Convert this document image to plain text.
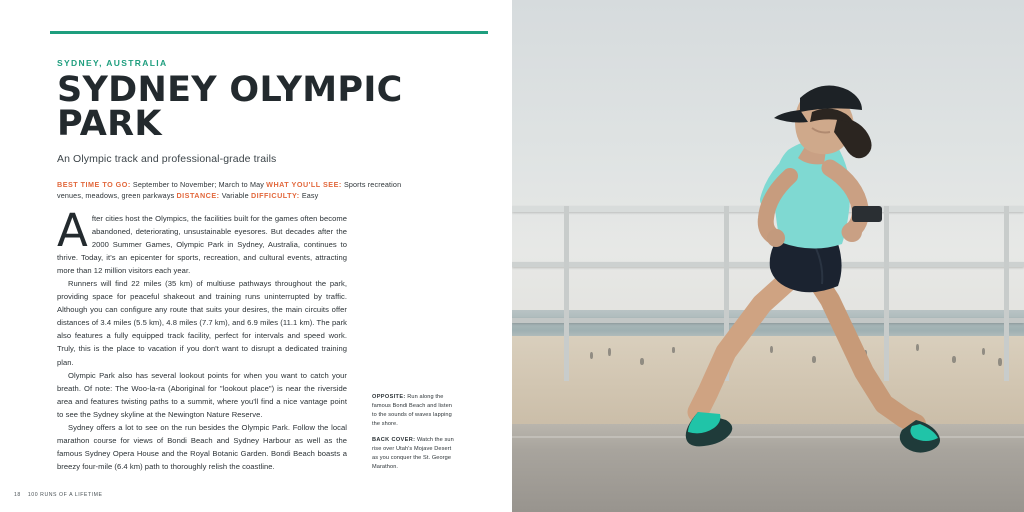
SYDNEY, AUSTRALIA
SYDNEY OLYMPIC PARK

An Olympic track and professional-grade trails

BEST TIME TO GO: September to November; March to May WHAT YOU'LL SEE: Sports recreation venues, meadows, green parkways DISTANCE: Variable DIFFICULTY: Easy

After cities host the Olympics, the facilities built for the games often become abandoned, deteriorating, unsustainable eyesores. But decades after the 2000 Summer Games, Olympic Park in Sydney, Australia, continues to thrive. Today, it's an epicenter for sports, recreation, and cultural events, attracting more than 12 million visitors each year.

Runners will find 22 miles (35 km) of multiuse pathways throughout the park, providing space for peaceful shakeout and training runs uninterrupted by traffic. Although you can configure any route that suits your desires, the main circuits offer distances of 3.4 miles (5.5 km), 4.8 miles (7.7 km), and 6.9 miles (11.1 km). The park also features a fully equipped track facility, perfect for intervals and speed work. Truly, this is the place to vacation if you don't want to disrupt a dedicated training plan.

Olympic Park also has several lookout points for when you want to catch your breath. Of note: The Woo-la-ra (Aboriginal for "lookout place") is near the riverside area and features twisting paths to a summit, where you'll find a nice vantage point to see the Sydney skyline at the Newington Nature Reserve.

Sydney offers a lot to see on the run besides the Olympic Park. Follow the local marathon course for views of Bondi Beach and Sydney Harbour as well as the famous Sydney Opera House and the Royal Botanic Garden. Bondi Beach boasts a breezy four-mile (6.4 km) path to thoroughly relish the coastline.

OPPOSITE: Run along the famous Bondi Beach and listen to the sounds of waves lapping the shore.

BACK COVER: Watch the sun rise over Utah's Mojave Desert as you conquer the St. George Marathon.

18 100 RUNS OF A LIFETIME
